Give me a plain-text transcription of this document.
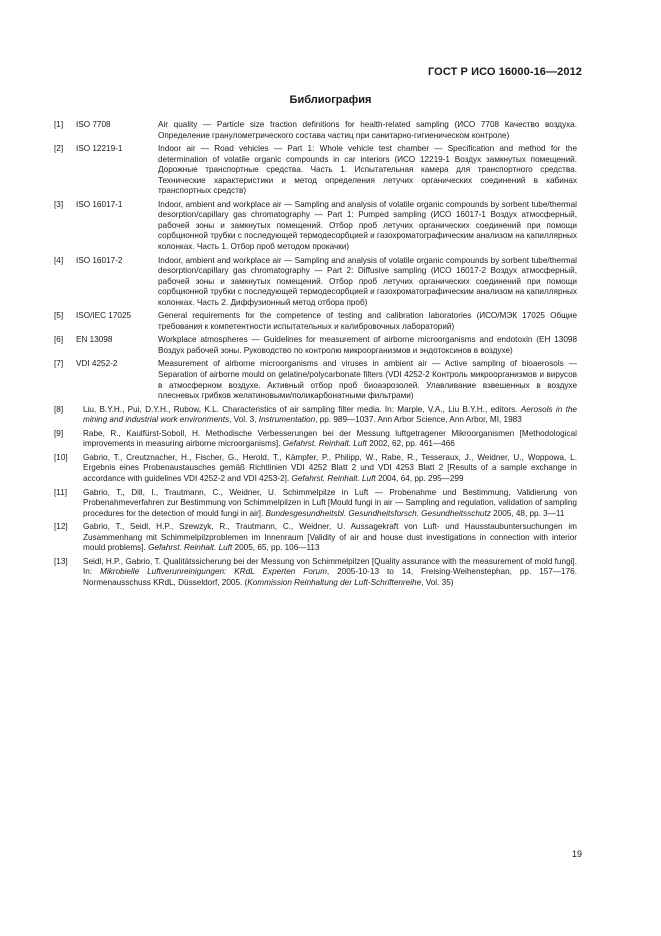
ГОСТ Р ИСО 16000-16—2012
Библиография
[1] ISO 7708	Air quality — Particle size fraction definitions for health-related sampling (ИСО 7708 Качество воздуха. Определение гранулометрического состава частиц при санитарно-гигиеническом контроле)
[2] ISO 12219-1	Indoor air — Road vehicles — Part 1: Whole vehicle test chamber — Specification and method for the determination of volatile organic compounds in car interiors (ИСО 12219-1 Воздух замкнутых помещений. Дорожные транспортные средства. Часть 1. Испытательная камера для транспортного средства. Технические характеристики и метод определения летучих органических соединений в кабинах транспортных средств)
[3] ISO 16017-1	Indoor, ambient and workplace air — Sampling and analysis of volatile organic compounds by sorbent tube/thermal desorption/capillary gas chromatography — Part 1: Pumped sampling (ИСО 16017-1 Воздух атмосферный, рабочей зоны и замкнутых помещений. Отбор проб летучих органических соединений при помощи сорбционной трубки с последующей термодесорбцией и газохроматографическим анализом на капиллярных колонках. Часть 1. Отбор проб методом прокачки)
[4] ISO 16017-2	Indoor, ambient and workplace air — Sampling and analysis of volatile organic compounds by sorbent tube/thermal desorption/capillary gas chromatography — Part 2: Diffusive sampling (ИСО 16017-2 Воздух атмосферный, рабочей зоны и замкнутых помещений. Отбор проб летучих органических соединений при помощи сорбционной трубки с последующей термодесорбцией и газохроматографическим анализом на капиллярных колонках. Часть 2. Диффузионный метод отбора проб)
[5] ISO/IEC 17025	General requirements for the competence of testing and calibration laboratories (ИСО/МЭК 17025 Общие требования к компетентности испытательных и калибровочных лабораторий)
[6] EN 13098	Workplace atmospheres — Guidelines for measurement of airborne microorganisms and endotoxin (ЕН 13098 Воздух рабочей зоны. Руководство по контролю микроорганизмов и эндотоксинов в воздухе)
[7] VDI 4252-2	Measurement of airborne microorganisms and viruses in ambient air — Active sampling of bioaerosols — Separation of airborne mould on gelatine/polycarbonate filters (VDI 4252-2 Контроль микроорганизмов и вирусов в атмосферном воздухе. Активный отбор проб биоаэрозолей. Улавливание взвешенных в воздухе плесневых грибков желатиновыми/поликарбонатными фильтрами)
[8] Liu, B.Y.H., Pui, D.Y.H., Rubow, K.L. Characteristics of air sampling filter media. In: Marple, V.A., Liu B.Y.H., editors. Aerosols in the mining and industrial work environments, Vol. 3, Instrumentation, pp. 989—1037. Ann Arbor Science, Ann Arbor, MI, 1983
[9] Rabe, R., Kaulfürst-Soboll, H. Methodische Verbesserungen bei der Messung luftgetragener Mikroorganismen [Methodological improvements in measuring airborne microorganisms]. Gefahrst. Reinhalt. Luft 2002, 62, pp. 461—466
[10] Gabrio, T., Creutznacher, H., Fischer, G., Herold, T., Kämpfer, P., Philipp, W., Rabe, R., Tesseraux, J., Weidner, U., Woppowa, L. Ergebnis eines Probenaustausches gemäß Richtlinien VDI 4252 Blatt 2 und VDI 4253 Blatt 2 [Results of a sample exchange in accordance with guidelines VDI 4252-2 and VDI 4253-2]. Gefahrst. Reinhalt. Luft 2004, 64, pp. 295—299
[11] Gabrio, T., Dill, I., Trautmann, C., Weidner, U. Schimmelpilze in Luft — Probenahme und Bestimmung, Validierung von Probenahmeverfahren zur Bestimmung von Schimmelpilzen in Luft [Mould fungi in air — Sampling and regulation, validation of sampling procedures for the detection of mould fungi in air]. Bundesgesundheitsbl. Gesundheitsforsch. Gesundheitsschutz 2005, 48, pp. 3—11
[12] Gabrio, T., Seidl, H.P., Szewzyk, R., Trautmann, C., Weidner, U. Aussagekraft von Luft- und Hausstaubuntersuchungen im Zusammenhang mit Schimmelpilzproblemen im Innenraum [Validity of air and house dust investigations in connection with interior mould problems]. Gefahrst. Reinhalt. Luft 2005, 65, pp. 106—113
[13] Seidl, H.P., Gabrio, T. Qualitätssicherung bei der Messung von Schimmelpilzen [Quality assurance with the measurement of mold fungi]. In: Mikrobielle Luftverunreinigungen: KRdL Experten Forum, 2005-10-13 to 14, Freising-Weihenstephan, pp. 157—176. Normenausschuss KRdL, Düsseldorf, 2005. (Kommission Reinhaltung der Luft-Schriftenreihe, Vol. 35)
19
